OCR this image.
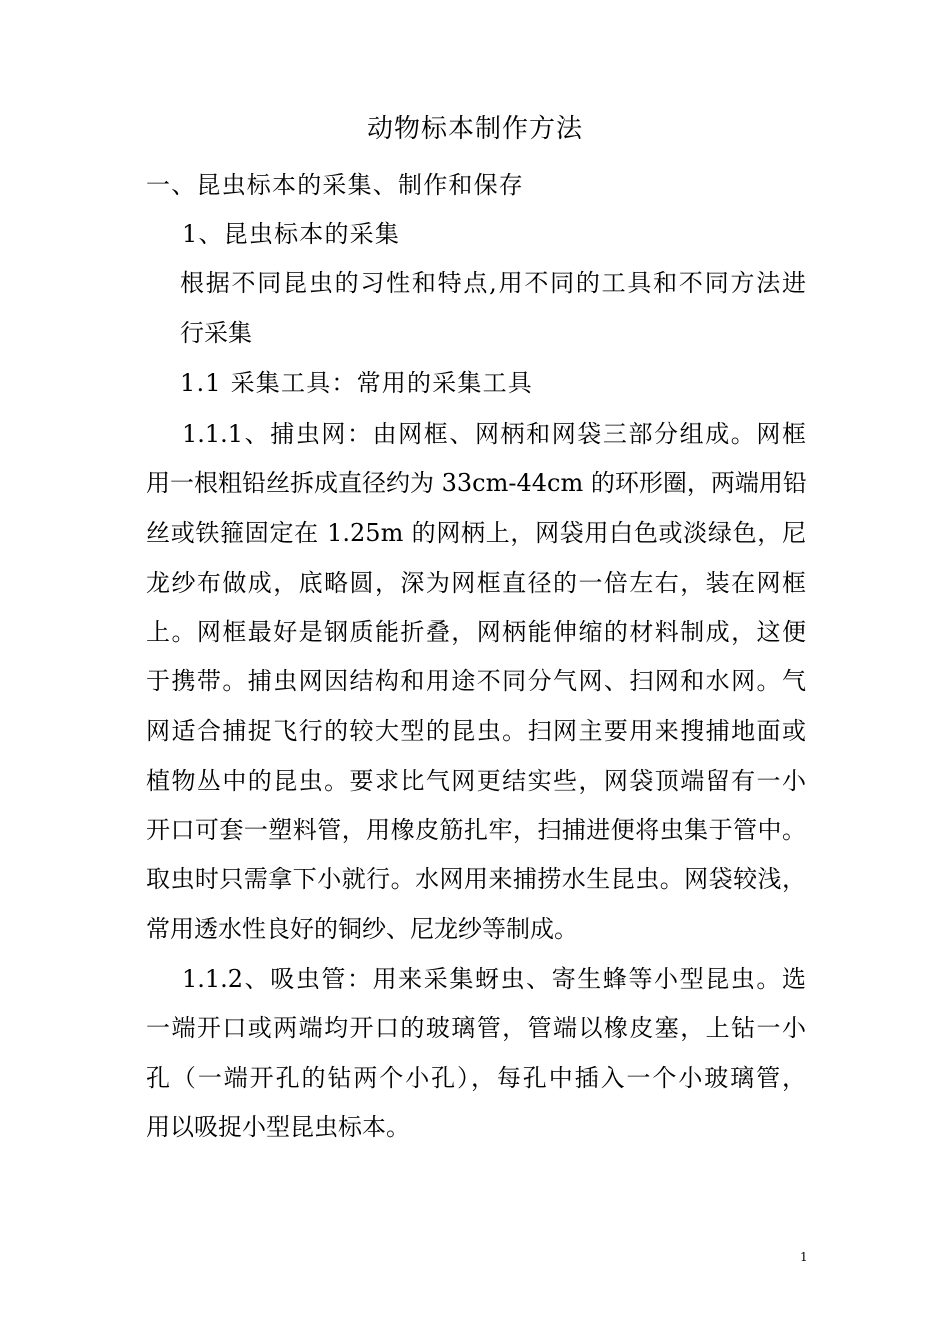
动物标本制作方法
一、昆虫标本的采集、制作和保存
1、昆虫标本的采集
根据不同昆虫的习性和特点,用不同的工具和不同方法进
行采集
1.1 采集工具：常用的采集工具
1.1.1、捕虫网：由网框、网柄和网袋三部分组成。网框
用一根粗铅丝拆成直径约为 33cm-44cm 的环形圈，两端用铅
丝或铁箍固定在 1.25m 的网柄上，网袋用白色或淡绿色，尼
龙纱布做成，底略圆，深为网框直径的一倍左右，装在网框
上。网框最好是钢质能折叠，网柄能伸缩的材料制成，这便
于携带。捕虫网因结构和用途不同分气网、扫网和水网。气
网适合捕捉飞行的较大型的昆虫。扫网主要用来搜捕地面或
植物丛中的昆虫。要求比气网更结实些，网袋顶端留有一小
开口可套一塑料管，用橡皮筋扎牢，扫捕进便将虫集于管中。
取虫时只需拿下小就行。水网用来捕捞水生昆虫。网袋较浅，
常用透水性良好的铜纱、尼龙纱等制成。
1.1.2、吸虫管：用来采集蚜虫、寄生蜂等小型昆虫。选
一端开口或两端均开口的玻璃管，管端以橡皮塞，上钻一小
孔（一端开孔的钻两个小孔），每孔中插入一个小玻璃管，
用以吸捉小型昆虫标本。
1
